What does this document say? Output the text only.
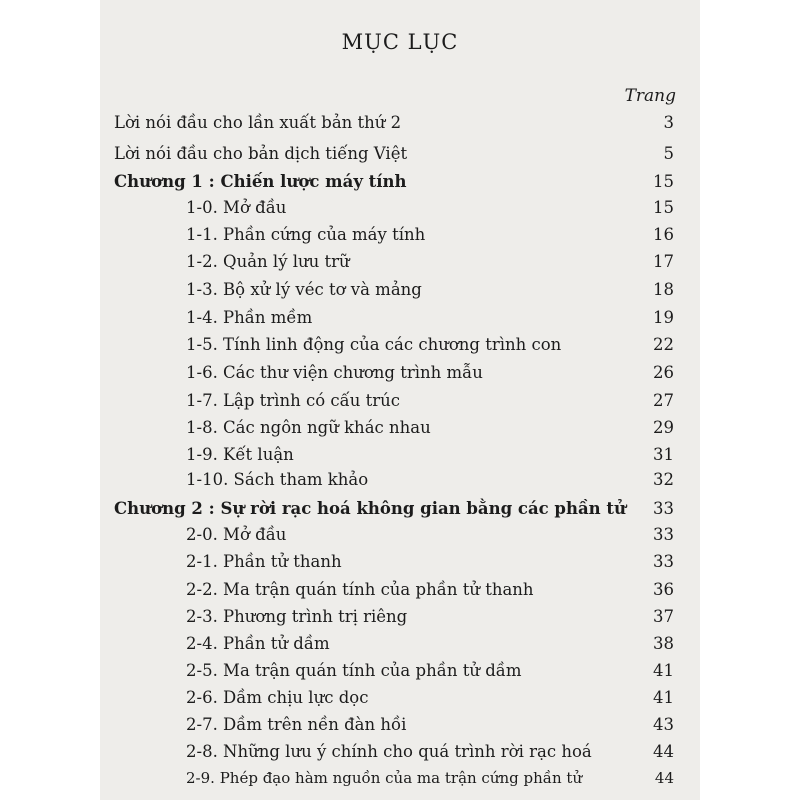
MỤC LỤC
Trang
Lời nói đầu cho lần xuất bản thứ 2	3
Lời nói đầu cho bản dịch tiếng Việt	5
Chương 1 : Chiến lược máy tính	15
1-0. Mở đầu	15
1-1. Phần cứng của máy tính	16
1-2. Quản lý lưu trữ	17
1-3. Bộ xử lý véc tơ và mảng	18
1-4. Phần mềm	19
1-5. Tính linh động của các chương trình con	22
1-6. Các thư viện chương trình mẫu	26
1-7. Lập trình có cấu trúc	27
1-8. Các ngôn ngữ khác nhau	29
1-9. Kết luận	31
1-10. Sách tham khảo	32
Chương 2 : Sự rời rạc hoá không gian bằng các phần tử 33
2-0. Mở đầu	33
2-1. Phần tử thanh	33
2-2. Ma trận quán tính của phần tử thanh	36
2-3. Phương trình trị riêng	37
2-4. Phần tử dầm	38
2-5. Ma trận quán tính của phần tử dầm	41
2-6. Dầm chịu lực dọc	41
2-7. Dầm trên nền đàn hồi	43
2-8. Những lưu ý chính cho quá trình rời rạc hoá	44
2-9. Phép đạo hàm nguồn của ma trận cứng phần tử	44
